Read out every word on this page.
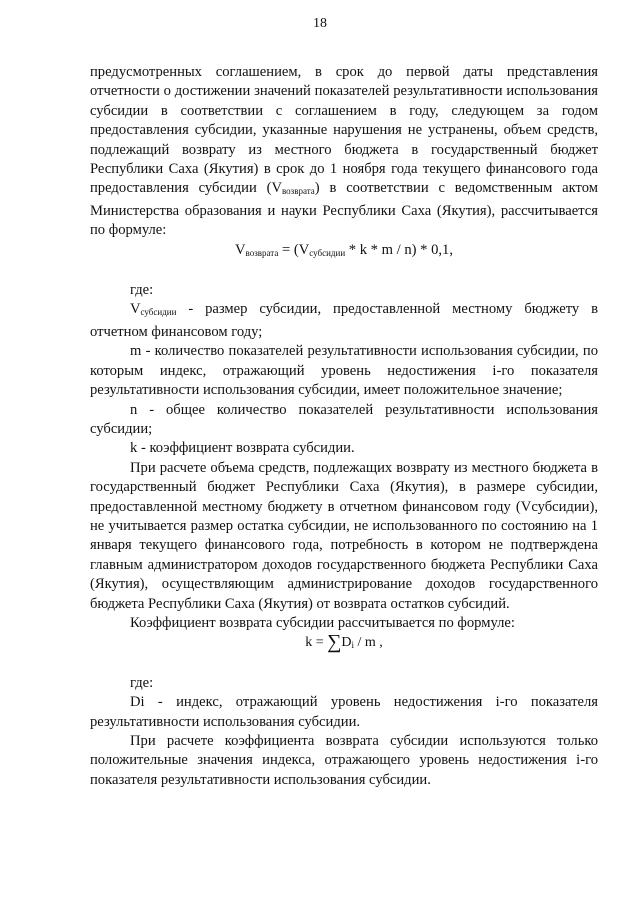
18

предусмотренных соглашением, в срок до первой даты представления отчетности о достижении значений показателей результативности использования субсидии в соответствии с соглашением в году, следующем за годом предоставления субсидии, указанные нарушения не устранены, объем средств, подлежащий возврату из местного бюджета в государственный бюджет Республики Саха (Якутия) в срок до 1 ноября года текущего финансового года предоставления субсидии $(V_{возврата})$ в соответствии с ведомственным актом Министерства образования и науки Республики Саха (Якутия), рассчитывается по формуле:

$V_{возврата} = (V_{субсидии} * k * m / n) * 0,1$,

где:

$V_{субсидии}$ - размер субсидии, предоставленной местному бюджету в отчетном финансовом году;

m - количество показателей результативности использования субсидии, по которым индекс, отражающий уровень недостижения i-го показателя результативности использования субсидии, имеет положительное значение;

n - общее количество показателей результативности использования субсидии;

k - коэффициент возврата субсидии.

При расчете объема средств, подлежащих возврату из местного бюджета в государственный бюджет Республики Саха (Якутия), в размере субсидии, предоставленной местному бюджету в отчетном финансовом году (Vсубсидии), не учитывается размер остатка субсидии, не использованного по состоянию на 1 января текущего финансового года, потребность в котором не подтверждена главным администратором доходов государственного бюджета Республики Саха (Якутия), осуществляющим администрирование доходов государственного бюджета Республики Саха (Якутия) от возврата остатков субсидий.

Коэффициент возврата субсидии рассчитывается по формуле:

$k = \sum D_i / m$ ,

где:

Di - индекс, отражающий уровень недостижения i-го показателя результативности использования субсидии.

При расчете коэффициента возврата субсидии используются только положительные значения индекса, отражающего уровень недостижения i-го показателя результативности использования субсидии.
